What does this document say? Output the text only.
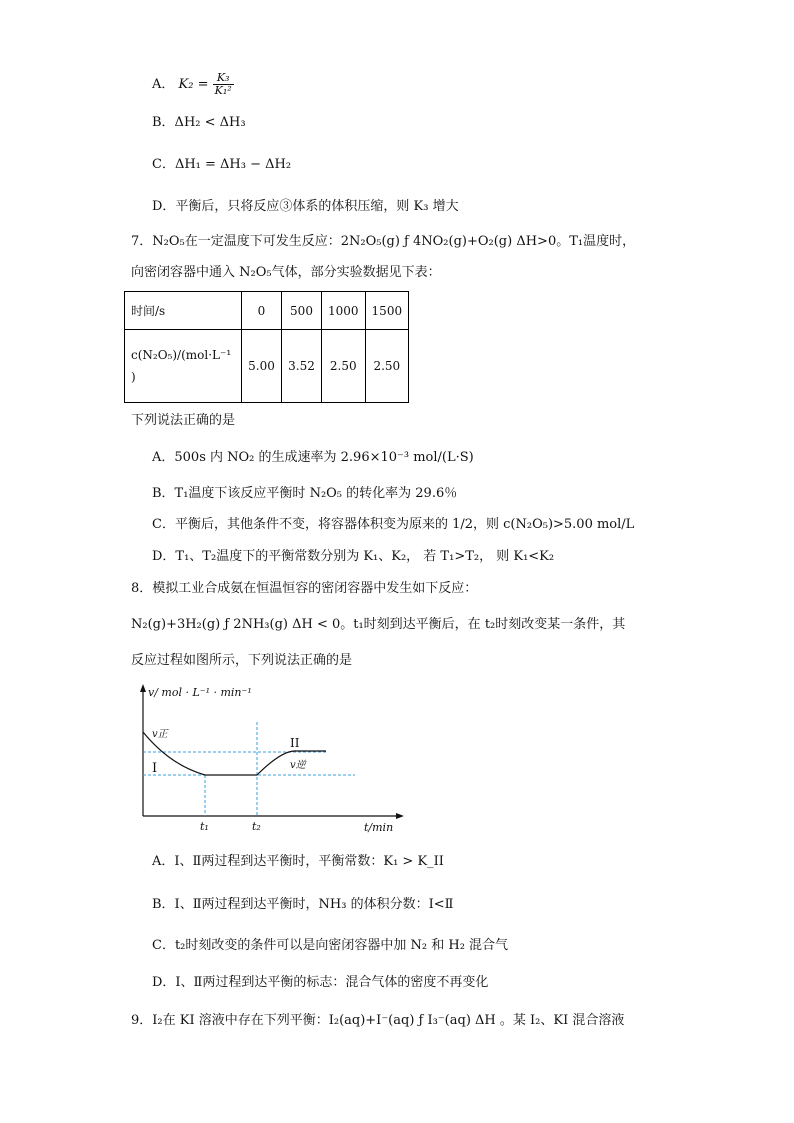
A． $K_2 = \frac{\text{K₃}}{\text{K₁²}}$
B．ΔH₂ < ΔH₃
C．ΔH₁ = ΔH₃ − ΔH₂
D．平衡后，只将反应③体系的体积压缩，则 K₃ 增大
7．N₂O₅在一定温度下可发生反应：2N₂O₅(g) ƒ 4NO₂(g)+O₂(g) ΔH>0。T₁温度时，
向密闭容器中通入 N₂O₅气体，部分实验数据见下表：
时间/s	0	500	1000	1500

c(N₂O₅)/(mol·L⁻¹
)	5.00	3.52	2.50	2.50
下列说法正确的是
A．500s 内 NO₂ 的生成速率为 2.96×10⁻³ mol/(L·S)
B．T₁温度下该反应平衡时 N₂O₅ 的转化率为 29.6％
C．平衡后，其他条件不变，将容器体积变为原来的 1/2，则 c(N₂O₅)>5.00 mol/L
D．T₁、T₂温度下的平衡常数分别为 K₁、K₂， 若 T₁>T₂， 则 K₁<K₂
8．模拟工业合成氨在恒温恒容的密闭容器中发生如下反应：
N₂(g)+3H₂(g) ƒ 2NH₃(g) ΔH < 0。t₁时刻到达平衡后，在 t₂时刻改变某一条件，其
反应过程如图所示，下列说法正确的是
v/ mol · L⁻¹ · min⁻¹
v正
I
II
v逆
t₁	t₂	t/min
A．Ⅰ、Ⅱ两过程到达平衡时，平衡常数：K₁ > K_II
B．Ⅰ、Ⅱ两过程到达平衡时，NH₃ 的体积分数：Ⅰ<Ⅱ
C．t₂时刻改变的条件可以是向密闭容器中加 N₂ 和 H₂ 混合气
D．Ⅰ、Ⅱ两过程到达平衡的标志：混合气体的密度不再变化
9．I₂在 KI 溶液中存在下列平衡：I₂(aq)+I⁻(aq) ƒ I₃⁻(aq) ΔH 。某 I₂、KI 混合溶液
